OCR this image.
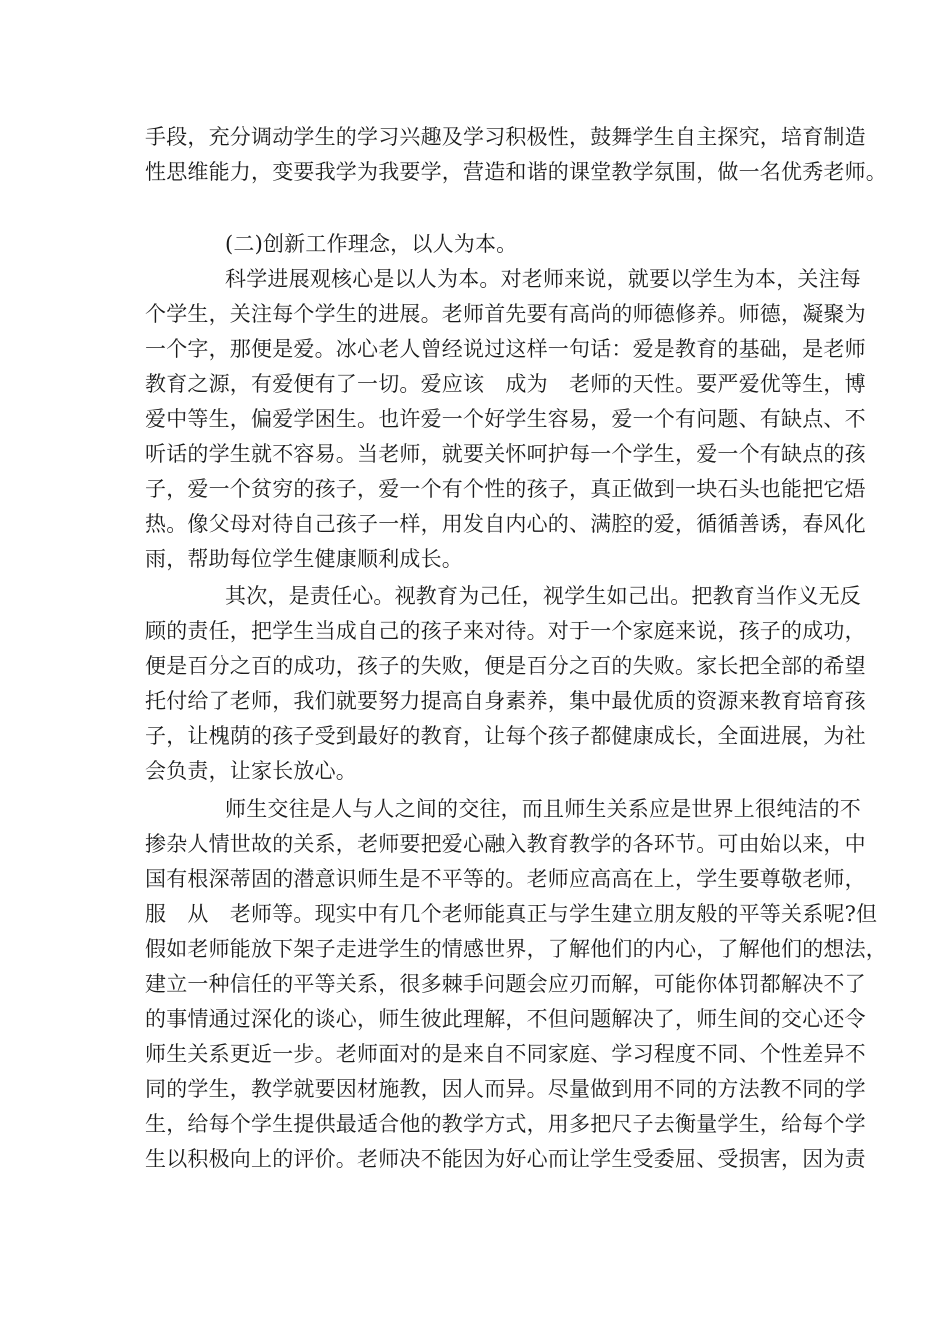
手段，充分调动学生的学习兴趣及学习积极性，鼓舞学生自主探究，培育制造
性思维能力，变要我学为我要学，营造和谐的课堂教学氛围，做一名优秀老师。
(二)创新工作理念，以人为本。
科学进展观核心是以人为本。对老师来说，就要以学生为本，关注每
个学生，关注每个学生的进展。老师首先要有高尚的师德修养。师德，凝聚为
一个字，那便是爱。冰心老人曾经说过这样一句话：爱是教育的基础，是老师
教育之源，有爱便有了一切。爱应该　成为　老师的天性。要严爱优等生，博
爱中等生，偏爱学困生。也许爱一个好学生容易，爱一个有问题、有缺点、不
听话的学生就不容易。当老师，就要关怀呵护每一个学生，爱一个有缺点的孩
子，爱一个贫穷的孩子，爱一个有个性的孩子，真正做到一块石头也能把它焐
热。像父母对待自己孩子一样，用发自内心的、满腔的爱，循循善诱，春风化
雨，帮助每位学生健康顺利成长。
其次，是责任心。视教育为己任，视学生如己出。把教育当作义无反
顾的责任，把学生当成自己的孩子来对待。对于一个家庭来说，孩子的成功，
便是百分之百的成功，孩子的失败，便是百分之百的失败。家长把全部的希望
托付给了老师，我们就要努力提高自身素养，集中最优质的资源来教育培育孩
子，让槐荫的孩子受到最好的教育，让每个孩子都健康成长，全面进展，为社
会负责，让家长放心。
师生交往是人与人之间的交往，而且师生关系应是世界上很纯洁的不
掺杂人情世故的关系，老师要把爱心融入教育教学的各环节。可由始以来，中
国有根深蒂固的潜意识师生是不平等的。老师应高高在上，学生要尊敬老师，
服　从　老师等。现实中有几个老师能真正与学生建立朋友般的平等关系呢?但
假如老师能放下架子走进学生的情感世界，了解他们的内心，了解他们的想法，
建立一种信任的平等关系，很多棘手问题会应刃而解，可能你体罚都解决不了
的事情通过深化的谈心，师生彼此理解，不但问题解决了，师生间的交心还令
师生关系更近一步。老师面对的是来自不同家庭、学习程度不同、个性差异不
同的学生，教学就要因材施教，因人而异。尽量做到用不同的方法教不同的学
生，给每个学生提供最适合他的教学方式，用多把尺子去衡量学生，给每个学
生以积极向上的评价。老师决不能因为好心而让学生受委屈、受损害，因为责
